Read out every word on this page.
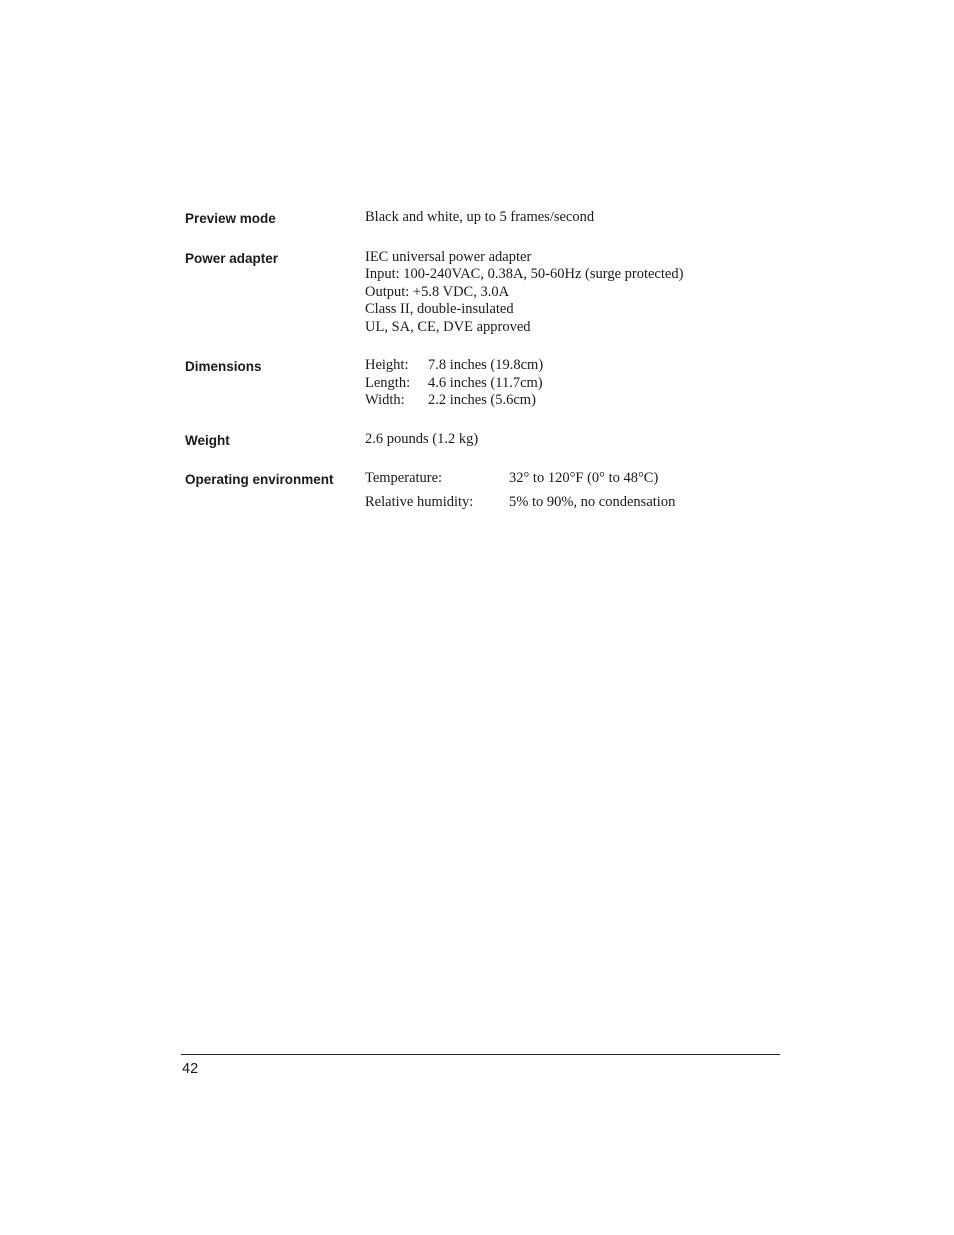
Preview mode	Black and white, up to 5 frames/second
Power adapter	IEC universal power adapter
Input: 100-240VAC, 0.38A, 50-60Hz (surge protected)
Output: +5.8 VDC, 3.0A
Class II, double-insulated
UL, SA, CE, DVE approved
Dimensions	Height:	7.8 inches (19.8cm)
Length:	4.6 inches (11.7cm)
Width:	2.2 inches (5.6cm)
Weight	2.6 pounds (1.2 kg)
Operating environment	Temperature:	32° to 120°F (0° to 48°C)
Relative humidity:	5% to 90%, no condensation
42
